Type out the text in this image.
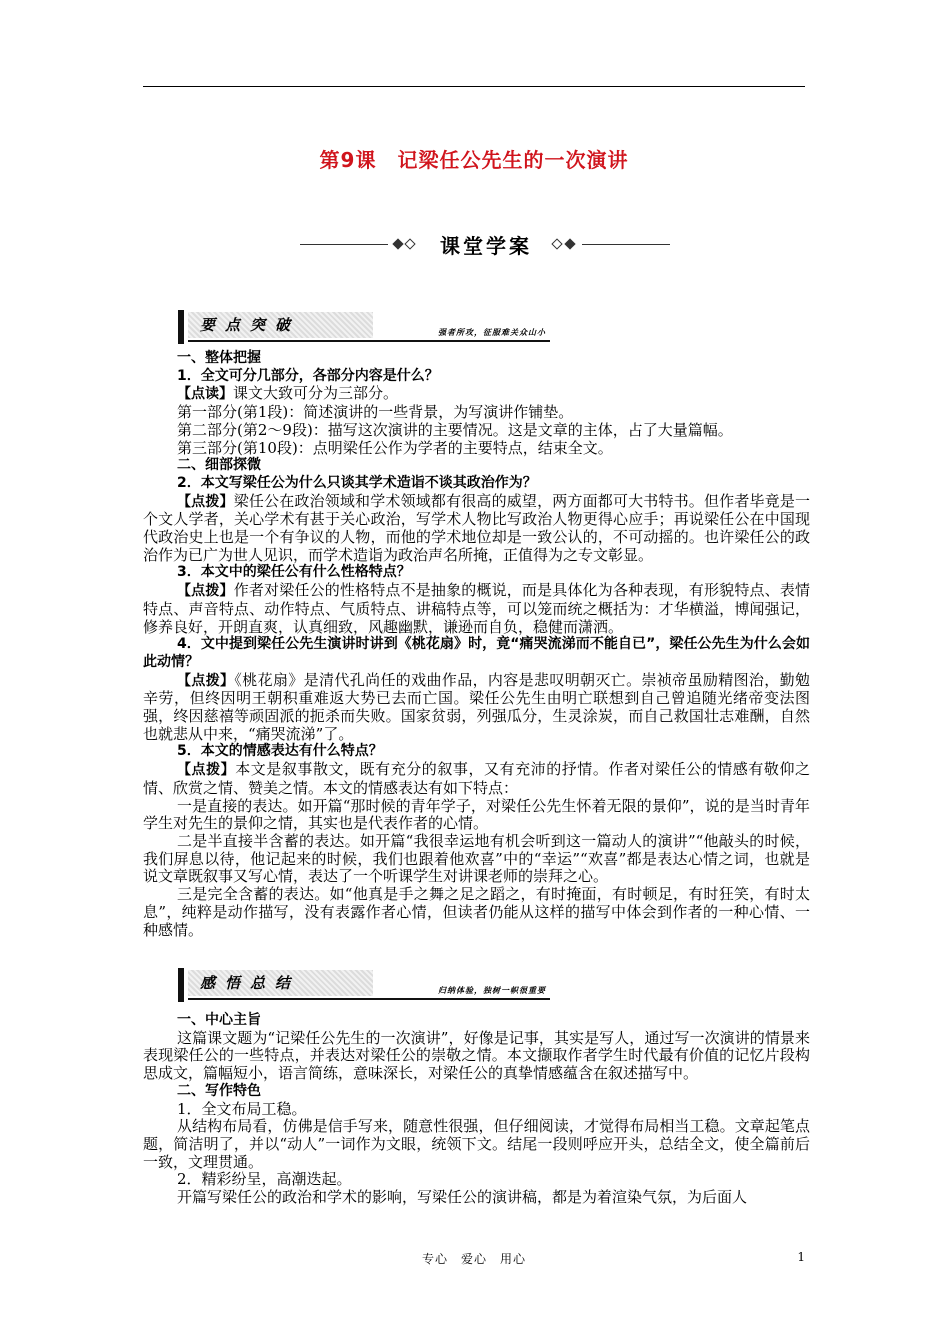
第9课　记梁任公先生的一次演讲
课堂学案
要点突破	强者所攻，征服难关众山小

一、整体把握

1．全文可分几部分，各部分内容是什么？

【点读】课文大致可分为三部分。

第一部分(第1段)：简述演讲的一些背景，为写演讲作铺垫。

第二部分(第2～9段)：描写这次演讲的主要情况。这是文章的主体，占了大量篇幅。

第三部分(第10段)：点明梁任公作为学者的主要特点，结束全文。

二、细部探微

2．本文写梁任公为什么只谈其学术造诣不谈其政治作为？

【点拨】梁任公在政治领域和学术领域都有很高的威望，两方面都可大书特书。但作者毕竟是一个文人学者，关心学术有甚于关心政治，写学术人物比写政治人物更得心应手；再说梁任公在中国现代政治史上也是一个有争议的人物，而他的学术地位却是一致公认的，不可动摇的。也许梁任公的政治作为已广为世人见识，而学术造诣为政治声名所掩，正值得为之专文彰显。

3．本文中的梁任公有什么性格特点？

【点拨】作者对梁任公的性格特点不是抽象的概说，而是具体化为各种表现，有形貌特点、表情特点、声音特点、动作特点、气质特点、讲稿特点等，可以笼而统之概括为：才华横溢，博闻强记，修养良好，开朗直爽，认真细致，风趣幽默，谦逊而自负，稳健而潇洒。

4．文中提到梁任公先生演讲时讲到《桃花扇》时，竟“痛哭流涕而不能自已”，梁任公先生为什么会如此动情？

【点拨】《桃花扇》是清代孔尚任的戏曲作品，内容是悲叹明朝灭亡。崇祯帝虽励精图治，勤勉辛劳，但终因明王朝积重难返大势已去而亡国。梁任公先生由明亡联想到自己曾追随光绪帝变法图强，终因慈禧等顽固派的扼杀而失败。国家贫弱，列强瓜分，生灵涂炭，而自己救国壮志难酬，自然也就悲从中来，“痛哭流涕”了。

5．本文的情感表达有什么特点？

【点拨】本文是叙事散文，既有充分的叙事，又有充沛的抒情。作者对梁任公的情感有敬仰之情、欣赏之情、赞美之情。本文的情感表达有如下特点：

一是直接的表达。如开篇“那时候的青年学子，对梁任公先生怀着无限的景仰”，说的是当时青年学生对先生的景仰之情，其实也是代表作者的心情。

二是半直接半含蓄的表达。如开篇“我很幸运地有机会听到这一篇动人的演讲”“他敲头的时候，我们屏息以待，他记起来的时候，我们也跟着他欢喜”中的“幸运”“欢喜”都是表达心情之词，也就是说文章既叙事又写心情，表达了一个听课学生对讲课老师的崇拜之心。

三是完全含蓄的表达。如“他真是手之舞之足之蹈之，有时掩面，有时顿足，有时狂笑，有时太息”，纯粹是动作描写，没有表露作者心情，但读者仍能从这样的描写中体会到作者的一种心情、一种感情。

感悟总结	归纳体验，独树一帜很重要

一、中心主旨

这篇课文题为“记梁任公先生的一次演讲”，好像是记事，其实是写人，通过写一次演讲的情景来表现梁任公的一些特点，并表达对梁任公的崇敬之情。本文撷取作者学生时代最有价值的记忆片段构思成文，篇幅短小，语言简练，意味深长，对梁任公的真挚情感蕴含在叙述描写中。

二、写作特色

1．全文布局工稳。

从结构布局看，仿佛是信手写来，随意性很强，但仔细阅读，才觉得布局相当工稳。文章起笔点题，简洁明了，并以“动人”一词作为文眼，统领下文。结尾一段则呼应开头，总结全文，使全篇前后一致，文理贯通。

2．精彩纷呈，高潮迭起。

开篇写梁任公的政治和学术的影响，写梁任公的演讲稿，都是为着渲染气氛，为后面人

专心　爱心　用心	1
